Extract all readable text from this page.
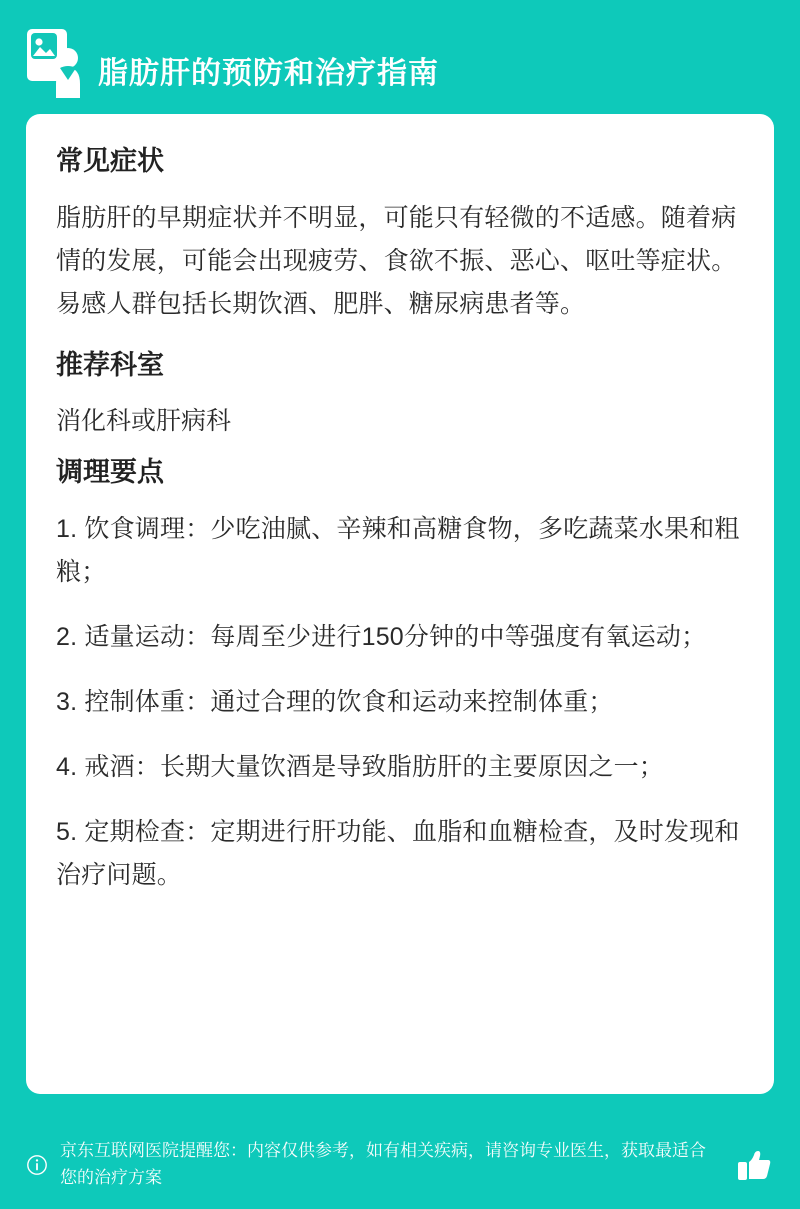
脂肪肝的预防和治疗指南
常见症状

脂肪肝的早期症状并不明显，可能只有轻微的不适感。随着病情的发展，可能会出现疲劳、食欲不振、恶心、呕吐等症状。易感人群包括长期饮酒、肥胖、糖尿病患者等。

推荐科室

消化科或肝病科

调理要点
1. 饮食调理：少吃油腻、辛辣和高糖食物，多吃蔬菜水果和粗粮；
2. 适量运动：每周至少进行150分钟的中等强度有氧运动；
3. 控制体重：通过合理的饮食和运动来控制体重；
4. 戒酒：长期大量饮酒是导致脂肪肝的主要原因之一；
5. 定期检查：定期进行肝功能、血脂和血糖检查，及时发现和治疗问题。
京东互联网医院提醒您：内容仅供参考，如有相关疾病，请咨询专业医生，获取最适合您的治疗方案
